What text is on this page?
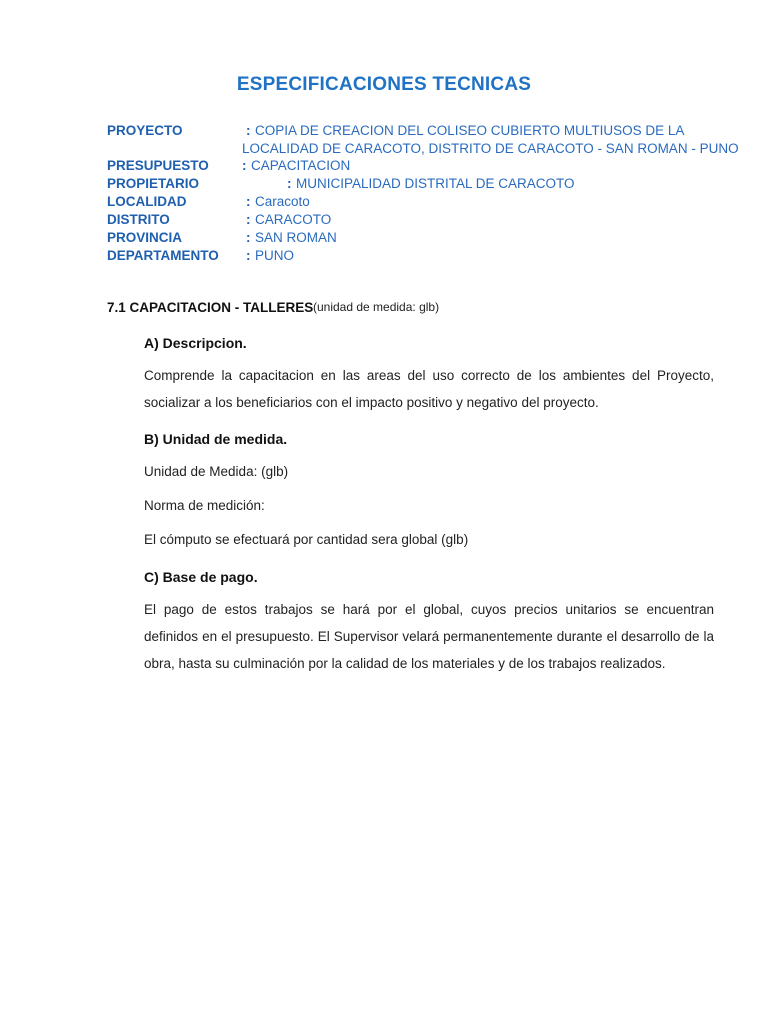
ESPECIFICACIONES TECNICAS
PROYECTO	: COPIA DE CREACION DEL COLISEO CUBIERTO MULTIUSOS DE LA
LOCALIDAD DE CARACOTO, DISTRITO DE CARACOTO - SAN ROMAN - PUNO
PRESUPUESTO : CAPACITACION
PROPIETARIO	: MUNICIPALIDAD DISTRITAL DE CARACOTO
LOCALIDAD	: Caracoto
DISTRITO	: CARACOTO
PROVINCIA	: SAN ROMAN
DEPARTAMENTO : PUNO
7.1 CAPACITACION - TALLERES (unidad de medida: glb)
A) Descripcion.
Comprende la capacitacion en las areas del uso correcto de los ambientes del Proyecto, socializar a los beneficiarios con el impacto positivo y negativo del proyecto.
B) Unidad de medida.
Unidad de Medida: (glb)
Norma de medición:
El cómputo se efectuará por cantidad sera global (glb)
C) Base de pago.
El pago de estos trabajos se hará por el global, cuyos precios unitarios se encuentran definidos en el presupuesto. El Supervisor velará permanentemente durante el desarrollo de la obra, hasta su culminación por la calidad de los materiales y de los trabajos realizados.
